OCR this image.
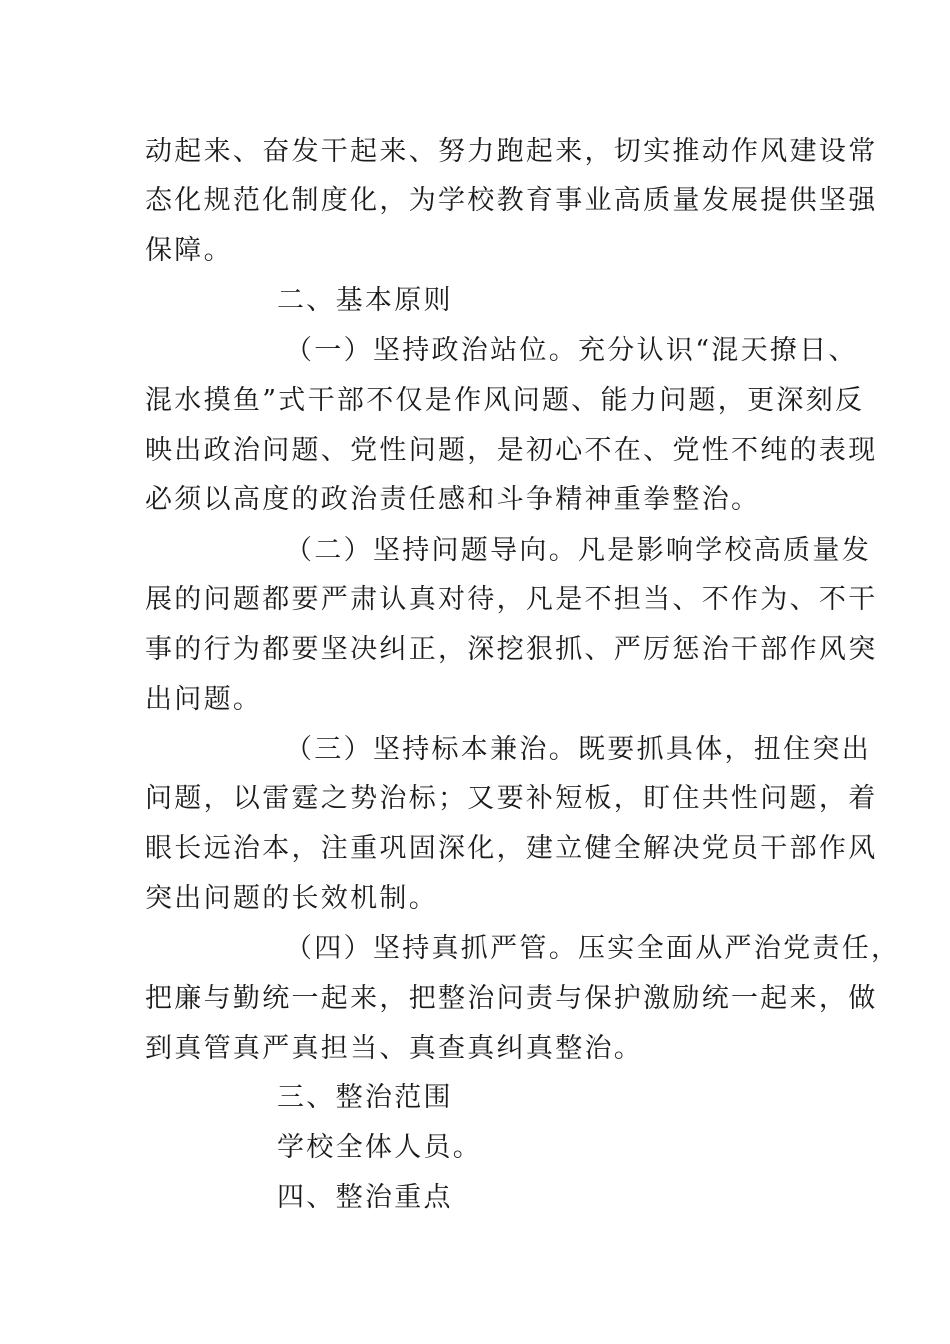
动起来、奋发干起来、努力跑起来，切实推动作风建设常
态化规范化制度化，为学校教育事业高质量发展提供坚强
保障。
二、基本原则
（一）坚持政治站位。充分认识“混天撩日、
混水摸鱼”式干部不仅是作风问题、能力问题，更深刻反
映出政治问题、党性问题，是初心不在、党性不纯的表现
必须以高度的政治责任感和斗争精神重拳整治。
（二）坚持问题导向。凡是影响学校高质量发
展的问题都要严肃认真对待，凡是不担当、不作为、不干
事的行为都要坚决纠正，深挖狠抓、严厉惩治干部作风突
出问题。
（三）坚持标本兼治。既要抓具体，扭住突出
问题，以雷霆之势治标；又要补短板，盯住共性问题，着
眼长远治本，注重巩固深化，建立健全解决党员干部作风
突出问题的长效机制。
（四）坚持真抓严管。压实全面从严治党责任，
把廉与勤统一起来，把整治问责与保护激励统一起来，做
到真管真严真担当、真查真纠真整治。
三、整治范围
学校全体人员。
四、整治重点
